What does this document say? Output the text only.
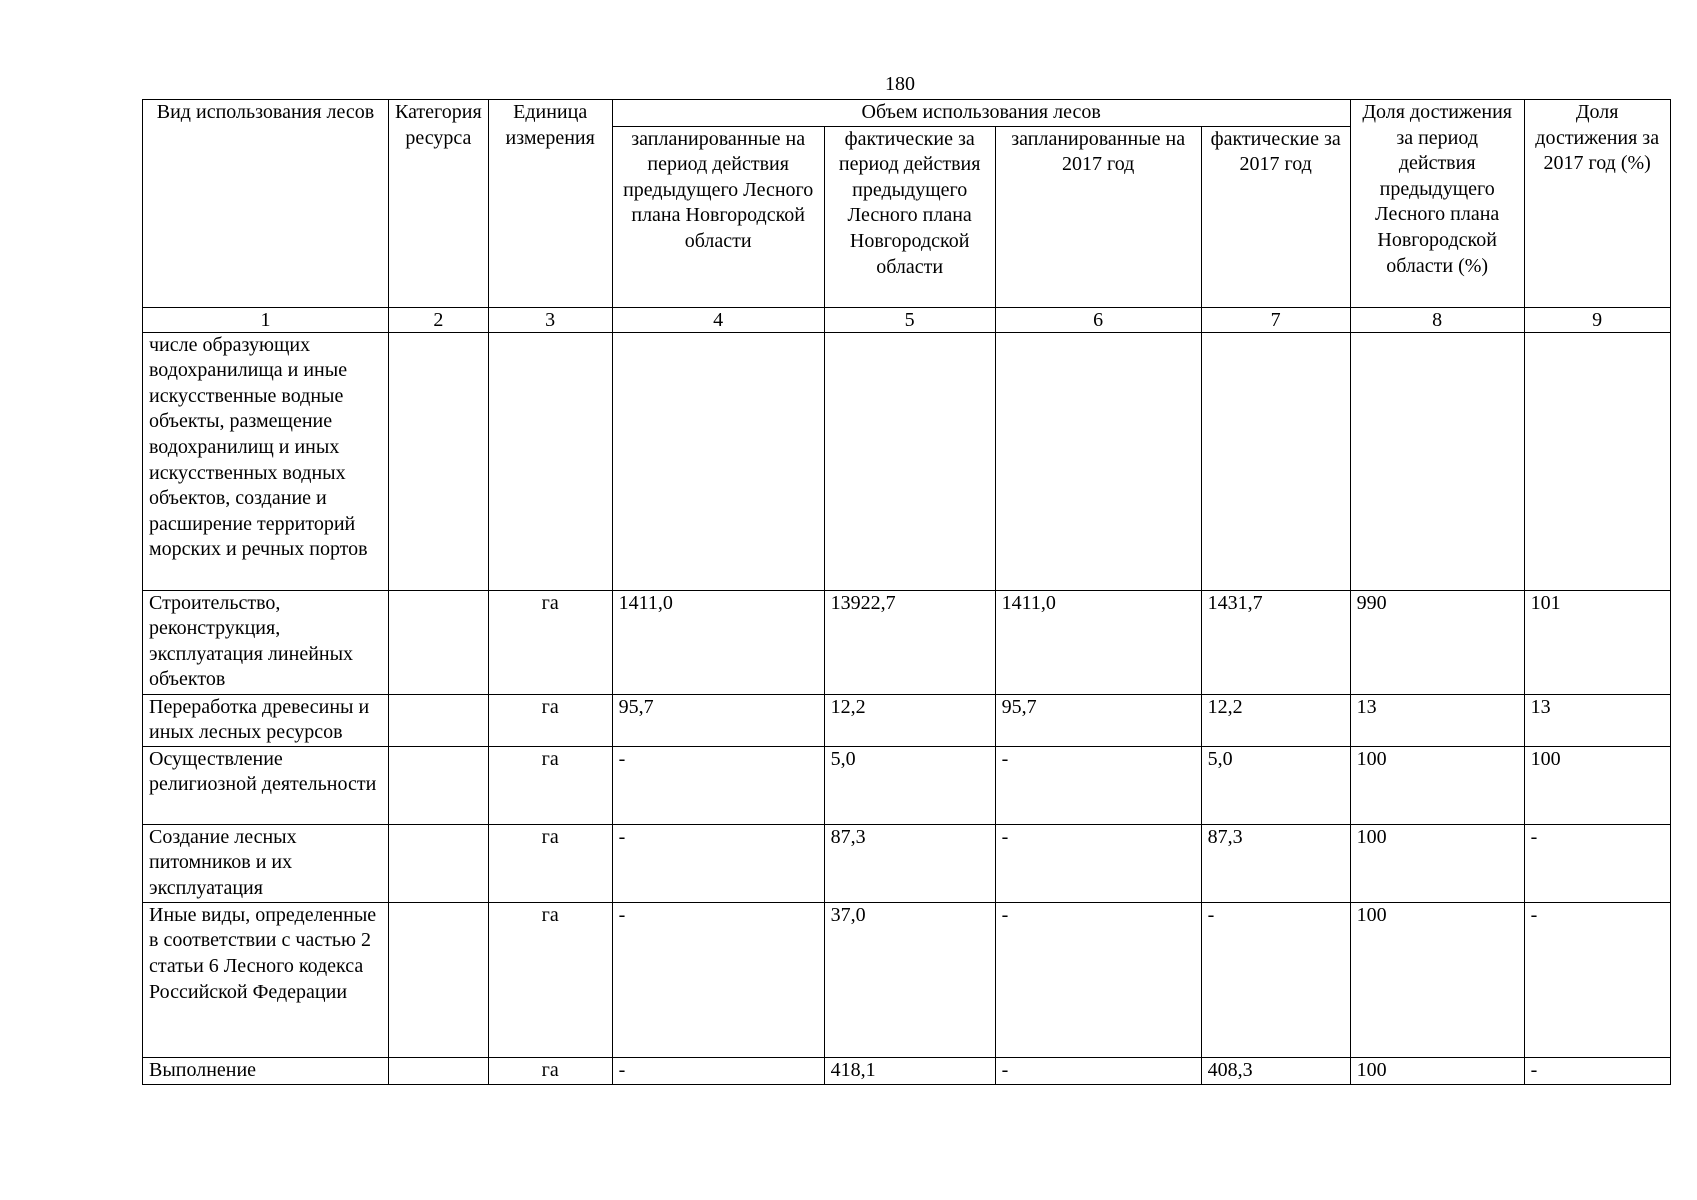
180
Вид использования лесов	Категория ресурса	Единица измерения	Объем использования лесов				Доля достижения за период действия предыдущего Лесного плана Новгородской области (%)	Доля достижения за 2017 год (%)
			запланированные на период действия предыдущего Лесного плана Новгородской области	фактические за период действия предыдущего Лесного плана Новгородской области	запланированные на 2017 год	фактические за 2017 год		
1	2	3	4	5	6	7	8	9
числе образующих водохранилища и иные искусственные водные объекты, размещение водохранилищ и иных искусственных водных объектов, создание и расширение территорий морских и речных портов								
Строительство, реконструкция, эксплуатация линейных объектов		га	1411,0	13922,7	1411,0	1431,7	990	101
Переработка древесины и иных лесных ресурсов		га	95,7	12,2	95,7	12,2	13	13
Осуществление религиозной деятельности		га	-	5,0	-	5,0	100	100
Создание лесных питомников и их эксплуатация		га	-	87,3	-	87,3	100	-
Иные виды, определенные в соответствии с частью 2 статьи 6 Лесного кодекса Российской Федерации		га	-	37,0	-	-	100	-
Выполнение		га	-	418,1	-	408,3	100	-
